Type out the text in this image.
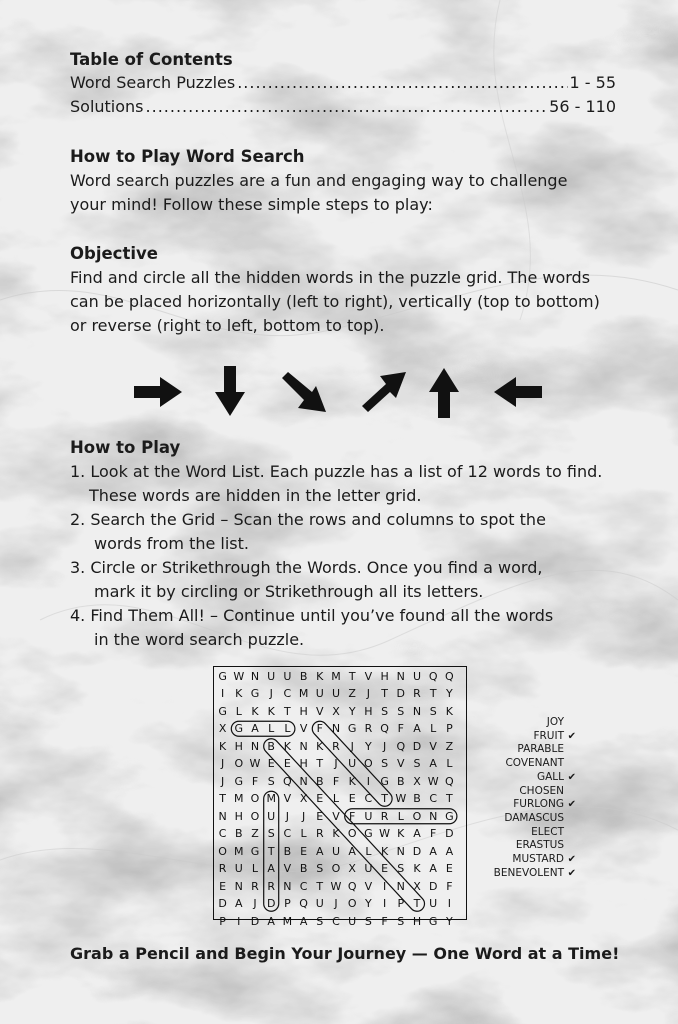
Table of Contents
Word Search Puzzles .....	1 - 55
Solutions .....	56 - 110
How to Play Word Search
Word search puzzles are a fun and engaging way to challenge
your mind! Follow these simple steps to play:
Objective
Find and circle all the hidden words in the puzzle grid. The words
can be placed horizontally (left to right), vertically (top to bottom)
or reverse (right to left, bottom to top).
How to Play
1. Look at the Word List. Each puzzle has a list of 12 words to find.
These words are hidden in the letter grid.
2. Search the Grid – Scan the rows and columns to spot the
words from the list.
3. Circle or Strikethrough the Words. Once you find a word,
mark it by circling or Strikethrough all its letters.
4. Find Them All! – Continue until you’ve found all the words
in the word search puzzle.
G W N U U B K M T V H N U Q Q
I K G J C M U U Z J	T D R T Y
G L K K T H V X Y H S S N S K
X G A L L V F N G R Q F A L P
K H N B K N K R J	Y	J Q D V Z
J O W E E H T	J U O S V S A L
J G F S Q N B F K I G B X W Q
T M O M V X E L E C T W B C T
N H O U J	J	E V F U R L O N G
C B Z S C L R K O G W K A F D
O M G T B E A U A L K N D A A
R U L A V B S O X U E S K A E
E N R R N C T W Q V I N X D F
D A J D P Q U J O Y	I	P T U I
P	I D A M A S C U S F S H G Y
JOY
FRUIT ✔
PARABLE
COVENANT
GALL ✔
CHOSEN
FURLONG ✔
DAMASCUS
ELECT
ERASTUS
MUSTARD ✔
BENEVOLENT ✔
Grab a Pencil and Begin Your Journey — One Word at a Time!
